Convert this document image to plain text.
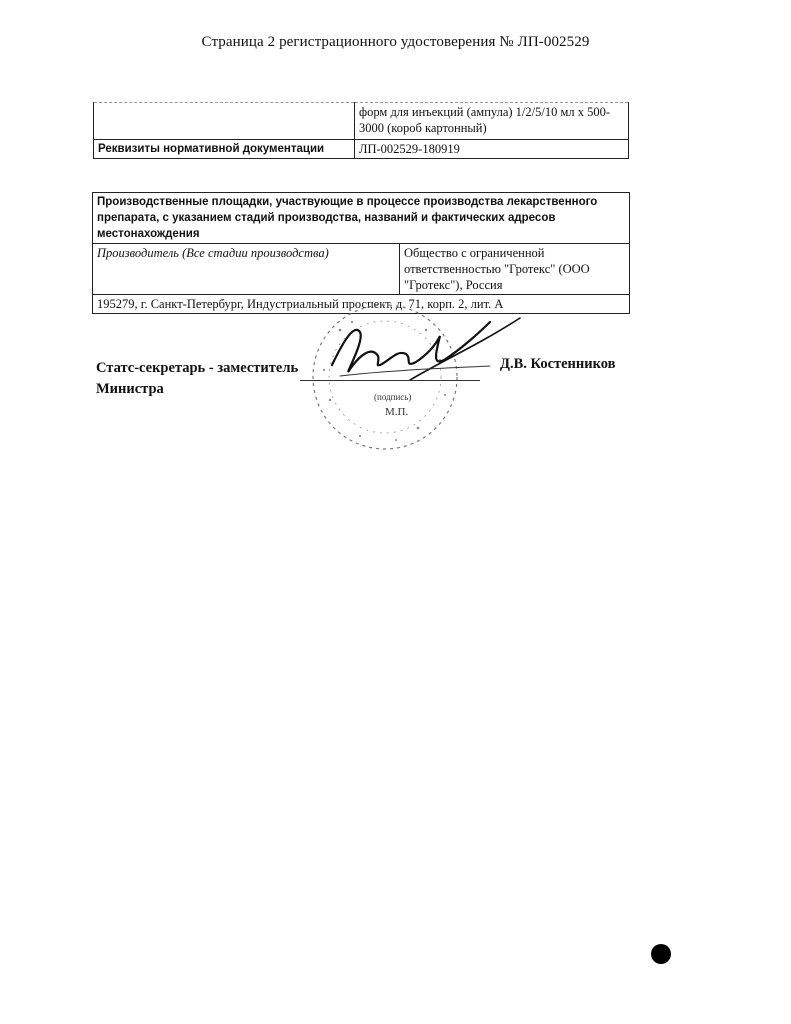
Страница 2 регистрационного удостоверения № ЛП-002529
	форм для инъекций (ампула) 1/2/5/10 мл х 500-3000 (короб картонный)
Реквизиты нормативной документации	ЛП-002529-180919
Производственные площадки, участвующие в процессе производства лекарственного препарата, с указанием стадий производства, названий и фактических адресов местонахождения
Производитель (Все стадии производства)	Общество с ограниченной ответственностью "Гротекс" (ООО "Гротекс"), Россия
195279, г. Санкт-Петербург, Индустриальный проспект, д. 71, корп. 2, лит. А
Статс-секретарь - заместитель
Министра	(подпись)
М.П.
Д.В. Костенников
